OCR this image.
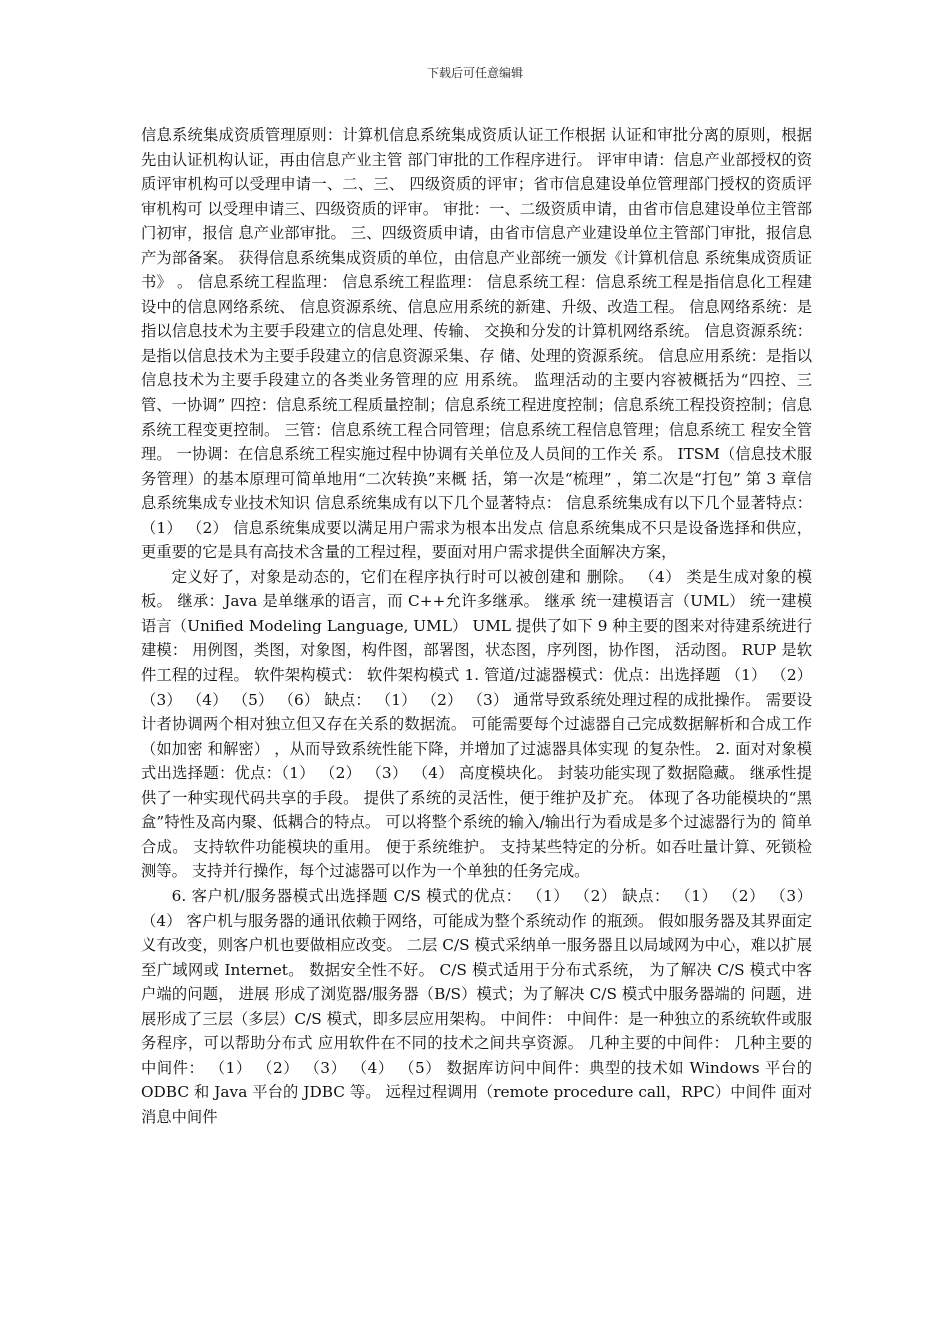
下载后可任意编辑

信息系统集成资质管理原则：计算机信息系统集成资质认证工作根据 认证和审批分离的原则，根据先由认证机构认证，再由信息产业主管 部门审批的工作程序进行。 评审申请：信息产业部授权的资质评审机构可以受理申请一、二、三、 四级资质的评审；省市信息建设单位管理部门授权的资质评审机构可 以受理申请三、四级资质的评审。 审批：一、二级资质申请，由省市信息建设单位主管部门初审，报信 息产业部审批。 三、四级资质申请，由省市信息产业建设单位主管部门审批，报信息 产为部备案。 获得信息系统集成资质的单位，由信息产业部统一颁发《计算机信息 系统集成资质证书》 。 信息系统工程监理： 信息系统工程监理： 信息系统工程：信息系统工程是指信息化工程建设中的信息网络系统、 信息资源系统、信息应用系统的新建、升级、改造工程。 信息网络系统：是指以信息技术为主要手段建立的信息处理、传输、 交换和分发的计算机网络系统。 信息资源系统：是指以信息技术为主要手段建立的信息资源采集、存 储、处理的资源系统。 信息应用系统：是指以信息技术为主要手段建立的各类业务管理的应 用系统。 监理活动的主要内容被概括为“四控、三管、一协调” 四控：信息系统工程质量控制；信息系统工程进度控制；信息系统工程投资控制；信息系统工程变更控制。 三管：信息系统工程合同管理；信息系统工程信息管理；信息系统工 程安全管理。 一协调：在信息系统工程实施过程中协调有关单位及人员间的工作关 系。 ITSM（信息技术服务管理）的基本原理可简单地用“二次转换”来概 括，第一次是“梳理” ，第二次是“打包” 第 3 章信息系统集成专业技术知识 信息系统集成有以下几个显著特点： 信息系统集成有以下几个显著特点： （1） （2） 信息系统集成要以满足用户需求为根本出发点 信息系统集成不只是设备选择和供应，更重要的它是具有高技术含量的工程过程，要面对用户需求提供全面解决方案，

定义好了，对象是动态的，它们在程序执行时可以被创建和 删除。 （4） 类是生成对象的模板。 继承：Java 是单继承的语言，而 C++允许多继承。 继承 统一建模语言（UML） 统一建模语言（Unified Modeling Language, UML） UML 提供了如下 9 种主要的图来对待建系统进行建模： 用例图，类图，对象图，构件图，部署图，状态图，序列图，协作图， 活动图。 RUP 是软件工程的过程。 软件架构模式： 软件架构模式 1. 管道/过滤器模式：优点：出选择题 （1） （2） （3） （4） （5） （6） 缺点： （1） （2） （3） 通常导致系统处理过程的成批操作。 需要设计者协调两个相对独立但又存在关系的数据流。 可能需要每个过滤器自己完成数据解析和合成工作（如加密 和解密） ，从而导致系统性能下降，并增加了过滤器具体实现 的复杂性。 2. 面对对象模式出选择题：优点：（1） （2） （3） （4） 高度模块化。 封装功能实现了数据隐藏。 继承性提供了一种实现代码共享的手段。 提供了系统的灵活性，便于维护及扩充。 体现了各功能模块的“黑盒”特性及高内聚、低耦合的特点。 可以将整个系统的输入/输出行为看成是多个过滤器行为的 简单合成。 支持软件功能模块的重用。 便于系统维护。 支持某些特定的分析。如吞吐量计算、死锁检测等。 支持并行操作，每个过滤器可以作为一个单独的任务完成。

6. 客户机/服务器模式出选择题 C/S 模式的优点： （1） （2） 缺点： （1） （2） （3） （4） 客户机与服务器的通讯依赖于网络，可能成为整个系统动作 的瓶颈。 假如服务器及其界面定义有改变，则客户机也要做相应改变。 二层 C/S 模式采纳单一服务器且以局域网为中心，难以扩展 至广域网或 Internet。 数据安全性不好。 C/S 模式适用于分布式系统， 为了解决 C/S 模式中客户端的问题， 进展 形成了浏览器/服务器（B/S）模式；为了解决 C/S 模式中服务器端的 问题，进展形成了三层（多层）C/S 模式，即多层应用架构。 中间件： 中间件：是一种独立的系统软件或服务程序，可以帮助分布式 应用软件在不同的技术之间共享资源。 几种主要的中间件： 几种主要的中间件： （1） （2） （3） （4） （5） 数据库访问中间件：典型的技术如 Windows 平台的 ODBC 和 Java 平台的 JDBC 等。 远程过程调用（remote procedure call，RPC）中间件 面对消息中间件
